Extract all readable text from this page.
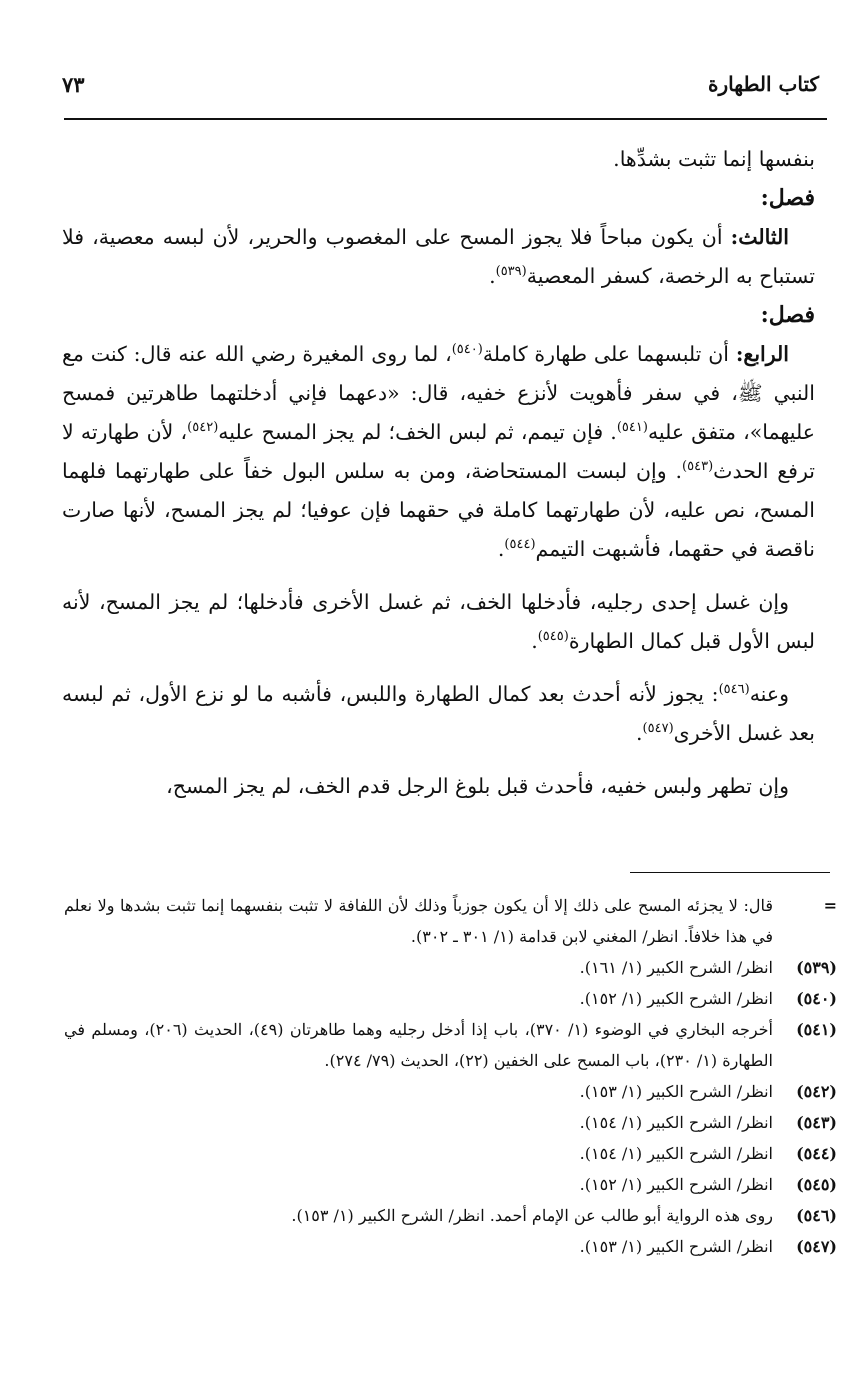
كتاب الطهارة
٧٣

بنفسها إنما تثبت بشدِّها.

فصل:

الثالث: أن يكون مباحاً فلا يجوز المسح على المغصوب والحرير، لأن لبسه معصية، فلا تستباح به الرخصة، كسفر المعصية$^{(٥٣٩)}$.

فصل:

الرابع: أن تلبسهما على طهارة كاملة$^{(٥٤٠)}$، لما روى المغيرة رضي الله عنه قال: كنت مع النبي ﷺ، في سفر فأهويت لأنزع خفيه، قال: «دعهما فإني أدخلتهما طاهرتين فمسح عليهما»، متفق عليه$^{(٥٤١)}$. فإن تيمم، ثم لبس الخف؛ لم يجز المسح عليه$^{(٥٤٢)}$، لأن طهارته لا ترفع الحدث$^{(٥٤٣)}$. وإن لبست المستحاضة، ومن به سلس البول خفاً على طهارتهما فلهما المسح، نص عليه، لأن طهارتهما كاملة في حقهما فإن عوفيا؛ لم يجز المسح، لأنها صارت ناقصة في حقهما، فأشبهت التيمم$^{(٥٤٤)}$.

وإن غسل إحدى رجليه، فأدخلها الخف، ثم غسل الأخرى فأدخلها؛ لم يجز المسح، لأنه لبس الأول قبل كمال الطهارة$^{(٥٤٥)}$.

وعنه$^{(٥٤٦)}$: يجوز لأنه أحدث بعد كمال الطهارة واللبس، فأشبه ما لو نزع الأول، ثم لبسه بعد غسل الأخرى$^{(٥٤٧)}$.

وإن تطهر ولبس خفيه، فأحدث قبل بلوغ الرجل قدم الخف، لم يجز المسح،

=
قال: لا يجزئه المسح على ذلك إلا أن يكون جوزباً وذلك لأن اللفافة لا تثبت بنفسهما إنما تثبت بشدها ولا نعلم في هذا خلافاً. انظر/ المغني لابن قدامة (١/ ٣٠١ ـ ٣٠٢).
(٥٣٩)
انظر/ الشرح الكبير (١/ ١٦١).
(٥٤٠)
انظر/ الشرح الكبير (١/ ١٥٢).
(٥٤١)
أخرجه البخاري في الوضوء (١/ ٣٧٠)، باب إذا أدخل رجليه وهما طاهرتان (٤٩)، الحديث (٢٠٦)، ومسلم في الطهارة (١/ ٢٣٠)، باب المسح على الخفين (٢٢)، الحديث (٧٩/ ٢٧٤).
(٥٤٢)
انظر/ الشرح الكبير (١/ ١٥٣).
(٥٤٣)
انظر/ الشرح الكبير (١/ ١٥٤).
(٥٤٤)
انظر/ الشرح الكبير (١/ ١٥٤).
(٥٤٥)
انظر/ الشرح الكبير (١/ ١٥٢).
(٥٤٦)
روى هذه الرواية أبو طالب عن الإمام أحمد. انظر/ الشرح الكبير (١/ ١٥٣).
(٥٤٧)
انظر/ الشرح الكبير (١/ ١٥٣).
